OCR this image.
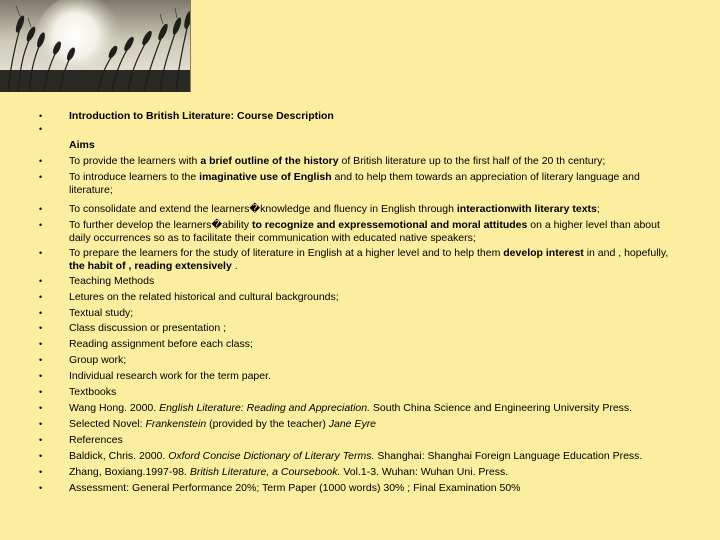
•	Introduction to British Literature: Course Description
•
Aims
•	To provide the learners with a brief outline of the history of British literature up to the first half of the 20 th century;
•	To introduce learners to the imaginative use of English and to help them towards an appreciation of literary language and literature;
•	To consolidate and extend the learners�knowledge and fluency in English through interactionwith literary texts;
•	To further develop the learners�ability to recognize and expressemotional and moral attitudes on a higher level than about daily occurrences so as to facilitate their communication with educated native speakers;
•	To prepare the learners for the study of literature in English at a higher level and to help them develop interest in and , hopefully, the habit of , reading extensively .
•	Teaching Methods
•	Letures on the related historical and cultural backgrounds;
•	Textual study;
•	Class discussion or presentation ;
•	Reading assignment before each class;
•	Group work;
•	Individual research work for the term paper.
•	Textbooks
•	Wang Hong. 2000. English Literature: Reading and Appreciation. South China Science and Engineering University Press.
•	Selected Novel: Frankenstein (provided by the teacher) Jane Eyre
•	References
•	Baldick, Chris. 2000. Oxford Concise Dictionary of Literary Terms. Shanghai: Shanghai Foreign Language Education Press.
•	Zhang, Boxiang.1997-98. British Literature, a Coursebook. Vol.1-3. Wuhan: Wuhan Uni. Press.
•	Assessment: General Performance 20%; Term Paper (1000 words) 30% ; Final Examination 50%
